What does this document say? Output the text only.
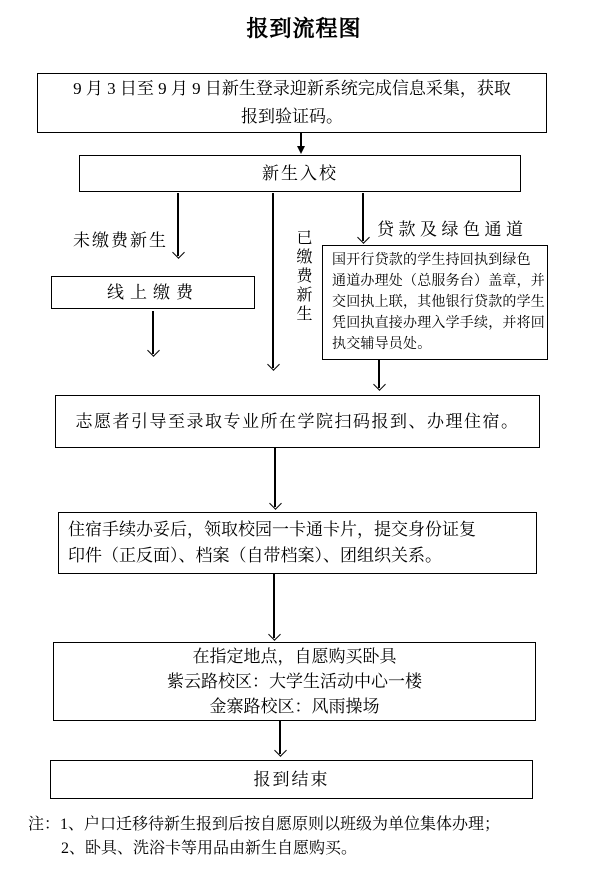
报到流程图
9 月 3 日至 9 月 9 日新生登录迎新系统完成信息采集，获取
报到验证码。
新生入校
未缴费新生	已缴费新生	贷款及绿色通道
线上缴费
国开行贷款的学生持回执到绿色
通道办理处（总服务台）盖章，并
交回执上联，其他银行贷款的学生
凭回执直接办理入学手续，并将回
执交辅导员处。
志愿者引导至录取专业所在学院扫码报到、办理住宿。
住宿手续办妥后，领取校园一卡通卡片，提交身份证复
印件（正反面）、档案（自带档案）、团组织关系。
在指定地点，自愿购买卧具
紫云路校区：大学生活动中心一楼
金寨路校区：风雨操场
报到结束
注：1、户口迁移待新生报到后按自愿原则以班级为单位集体办理；
2、卧具、洗浴卡等用品由新生自愿购买。
